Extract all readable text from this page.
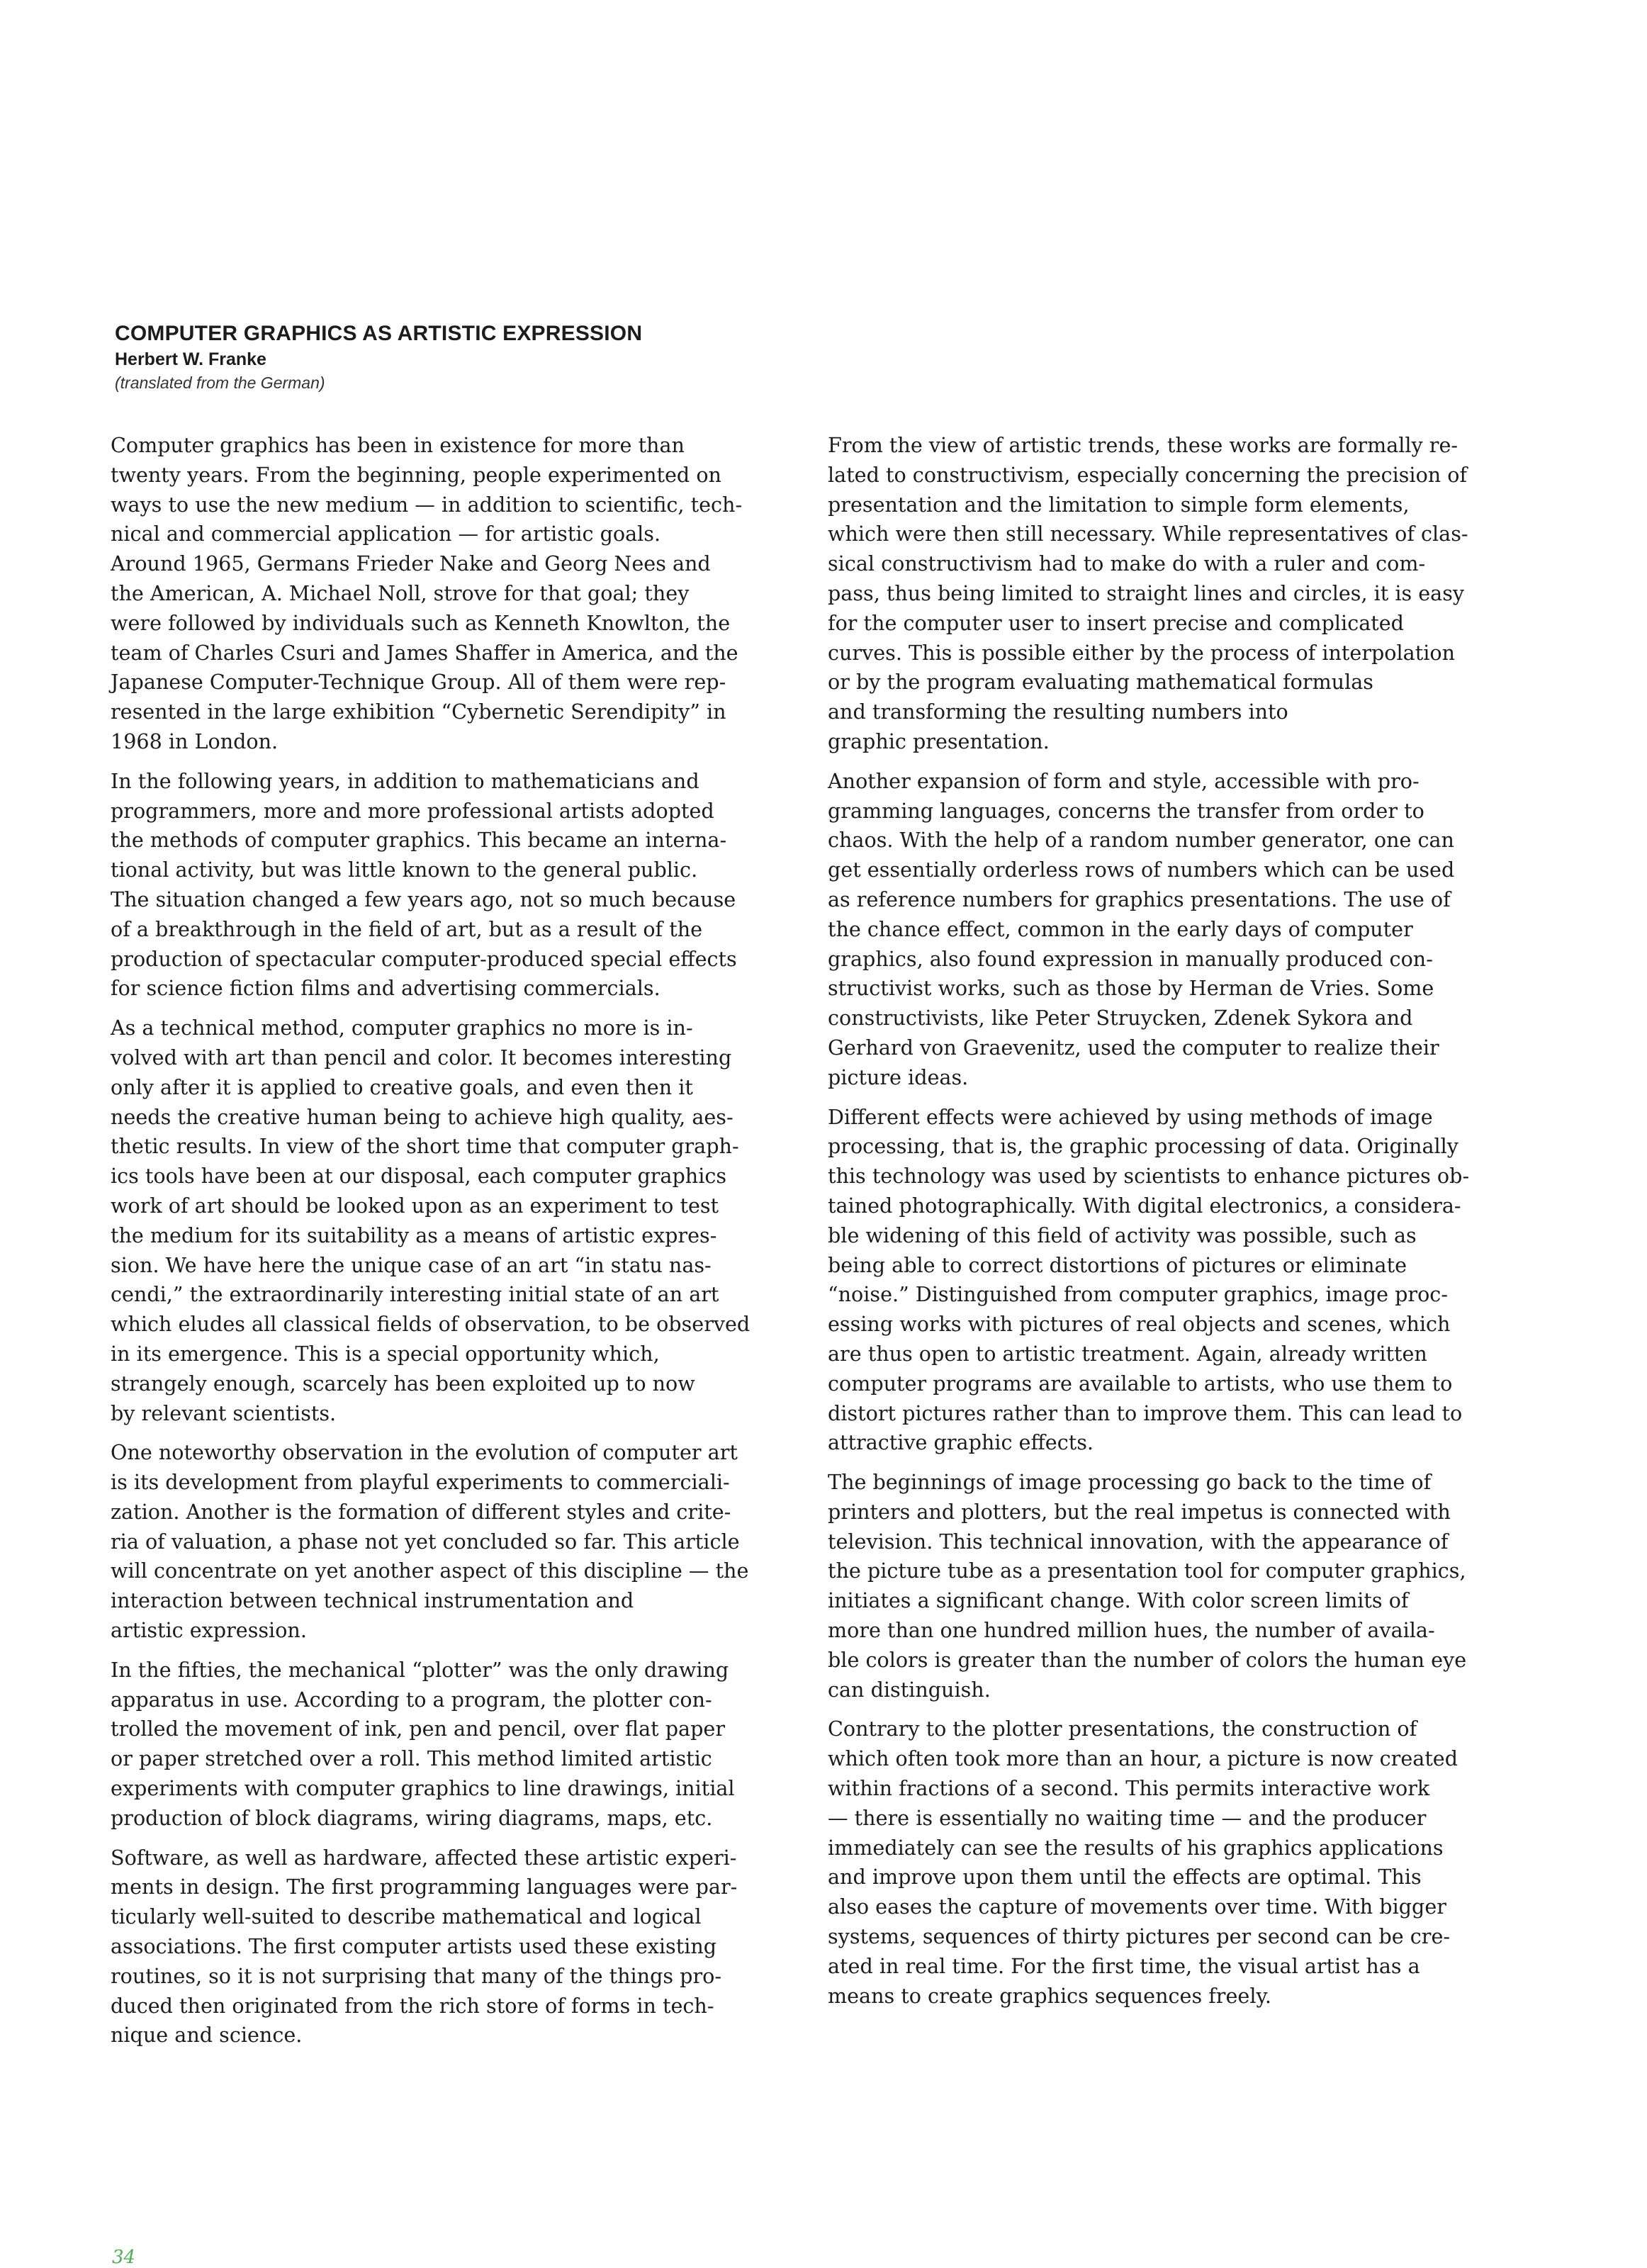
COMPUTER GRAPHICS AS ARTISTIC EXPRESSION

Herbert W. Franke

(translated from the German)

Computer graphics has been in existence for more than
twenty years. From the beginning, people experimented on
ways to use the new medium — in addition to scientific, tech-
nical and commercial application — for artistic goals.
Around 1965, Germans Frieder Nake and Georg Nees and
the American, A. Michael Noll, strove for that goal; they
were followed by individuals such as Kenneth Knowlton, the
team of Charles Csuri and James Shaffer in America, and the
Japanese Computer-Technique Group. All of them were rep-
resented in the large exhibition “Cybernetic Serendipity” in
1968 in London.

In the following years, in addition to mathematicians and
programmers, more and more professional artists adopted
the methods of computer graphics. This became an interna-
tional activity, but was little known to the general public.
The situation changed a few years ago, not so much because
of a breakthrough in the field of art, but as a result of the
production of spectacular computer-produced special effects
for science fiction films and advertising commercials.

As a technical method, computer graphics no more is in-
volved with art than pencil and color. It becomes interesting
only after it is applied to creative goals, and even then it
needs the creative human being to achieve high quality, aes-
thetic results. In view of the short time that computer graph-
ics tools have been at our disposal, each computer graphics
work of art should be looked upon as an experiment to test
the medium for its suitability as a means of artistic expres-
sion. We have here the unique case of an art “in statu nas-
cendi,” the extraordinarily interesting initial state of an art
which eludes all classical fields of observation, to be observed
in its emergence. This is a special opportunity which,
strangely enough, scarcely has been exploited up to now
by relevant scientists.

One noteworthy observation in the evolution of computer art
is its development from playful experiments to commerciali-
zation. Another is the formation of different styles and crite-
ria of valuation, a phase not yet concluded so far. This article
will concentrate on yet another aspect of this discipline — the
interaction between technical instrumentation and
artistic expression.

In the fifties, the mechanical “plotter” was the only drawing
apparatus in use. According to a program, the plotter con-
trolled the movement of ink, pen and pencil, over flat paper
or paper stretched over a roll. This method limited artistic
experiments with computer graphics to line drawings, initial
production of block diagrams, wiring diagrams, maps, etc.

Software, as well as hardware, affected these artistic experi-
ments in design. The first programming languages were par-
ticularly well-suited to describe mathematical and logical
associations. The first computer artists used these existing
routines, so it is not surprising that many of the things pro-
duced then originated from the rich store of forms in tech-
nique and science.

From the view of artistic trends, these works are formally re-
lated to constructivism, especially concerning the precision of
presentation and the limitation to simple form elements,
which were then still necessary. While representatives of clas-
sical constructivism had to make do with a ruler and com-
pass, thus being limited to straight lines and circles, it is easy
for the computer user to insert precise and complicated
curves. This is possible either by the process of interpolation
or by the program evaluating mathematical formulas
and transforming the resulting numbers into
graphic presentation.

Another expansion of form and style, accessible with pro-
gramming languages, concerns the transfer from order to
chaos. With the help of a random number generator, one can
get essentially orderless rows of numbers which can be used
as reference numbers for graphics presentations. The use of
the chance effect, common in the early days of computer
graphics, also found expression in manually produced con-
structivist works, such as those by Herman de Vries. Some
constructivists, like Peter Struycken, Zdenek Sykora and
Gerhard von Graevenitz, used the computer to realize their
picture ideas.

Different effects were achieved by using methods of image
processing, that is, the graphic processing of data. Originally
this technology was used by scientists to enhance pictures ob-
tained photographically. With digital electronics, a considera-
ble widening of this field of activity was possible, such as
being able to correct distortions of pictures or eliminate
“noise.” Distinguished from computer graphics, image proc-
essing works with pictures of real objects and scenes, which
are thus open to artistic treatment. Again, already written
computer programs are available to artists, who use them to
distort pictures rather than to improve them. This can lead to
attractive graphic effects.

The beginnings of image processing go back to the time of
printers and plotters, but the real impetus is connected with
television. This technical innovation, with the appearance of
the picture tube as a presentation tool for computer graphics,
initiates a significant change. With color screen limits of
more than one hundred million hues, the number of availa-
ble colors is greater than the number of colors the human eye
can distinguish.

Contrary to the plotter presentations, the construction of
which often took more than an hour, a picture is now created
within fractions of a second. This permits interactive work
— there is essentially no waiting time — and the producer
immediately can see the results of his graphics applications
and improve upon them until the effects are optimal. This
also eases the capture of movements over time. With bigger
systems, sequences of thirty pictures per second can be cre-
ated in real time. For the first time, the visual artist has a
means to create graphics sequences freely.

34
